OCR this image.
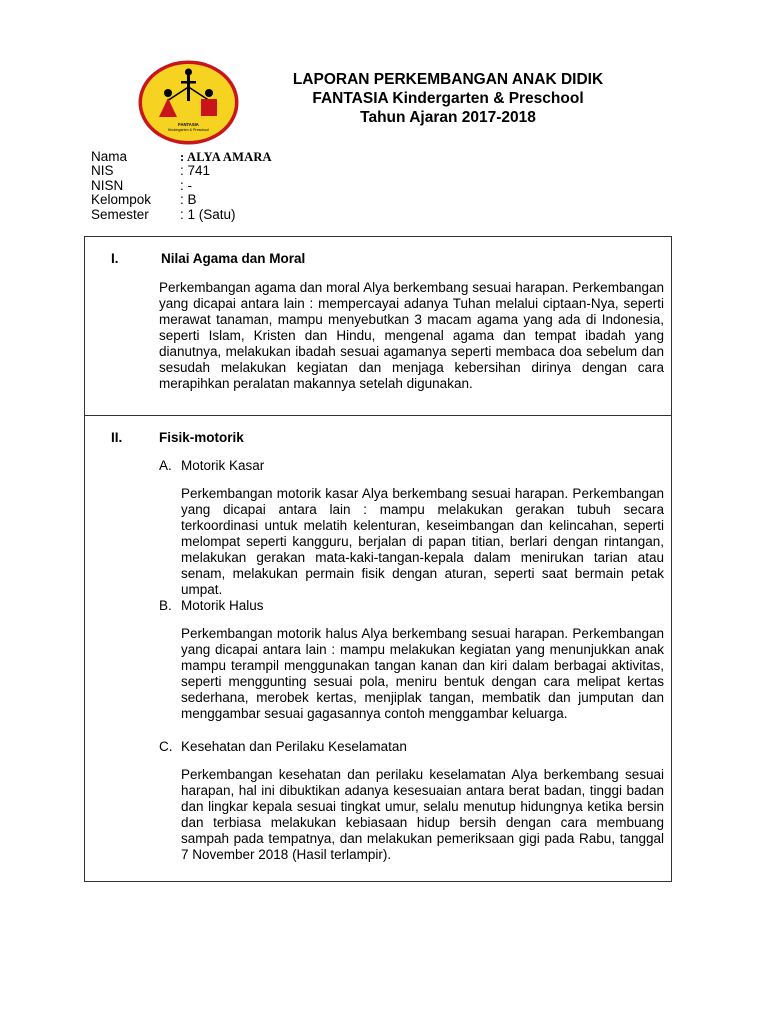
FANTASIA
Kindergarten & Preschool
LAPORAN PERKEMBANGAN ANAK DIDIK
FANTASIA Kindergarten & Preschool
Tahun Ajaran 2017-2018
Nama	: ALYA AMARA
NIS	: 741
NISN	: -
Kelompok	: B
Semester	: 1 (Satu)
I.	Nilai Agama dan Moral

Perkembangan agama dan moral Alya berkembang sesuai harapan. Perkembangan yang dicapai antara lain : mempercayai adanya Tuhan melalui ciptaan-Nya, seperti merawat tanaman, mampu menyebutkan 3 macam agama yang ada di Indonesia, seperti Islam, Kristen dan Hindu, mengenal agama dan tempat ibadah yang dianutnya, melakukan ibadah sesuai agamanya seperti membaca doa sebelum dan sesudah melakukan kegiatan dan menjaga kebersihan dirinya dengan cara merapihkan peralatan makannya setelah digunakan.

II.	Fisik-motorik
A. Motorik Kasar

Perkembangan motorik kasar Alya berkembang sesuai harapan. Perkembangan yang dicapai antara lain : mampu melakukan gerakan tubuh secara terkoordinasi untuk melatih kelenturan, keseimbangan dan kelincahan, seperti melompat seperti kangguru, berjalan di papan titian, berlari dengan rintangan, melakukan gerakan mata-kaki-tangan-kepala dalam menirukan tarian atau senam, melakukan permain fisik dengan aturan, seperti saat bermain petak umpat.

B. Motorik Halus

Perkembangan motorik halus Alya berkembang sesuai harapan. Perkembangan yang dicapai antara lain : mampu melakukan kegiatan yang menunjukkan anak mampu terampil menggunakan tangan kanan dan kiri dalam berbagai aktivitas, seperti menggunting sesuai pola, meniru bentuk dengan cara melipat kertas sederhana, merobek kertas, menjiplak tangan, membatik dan jumputan dan menggambar sesuai gagasannya contoh menggambar keluarga.

C. Kesehatan dan Perilaku Keselamatan

Perkembangan kesehatan dan perilaku keselamatan Alya berkembang sesuai harapan, hal ini dibuktikan adanya kesesuaian antara berat badan, tinggi badan dan lingkar kepala sesuai tingkat umur, selalu menutup hidungnya ketika bersin dan terbiasa melakukan kebiasaan hidup bersih dengan cara membuang sampah pada tempatnya, dan melakukan pemeriksaan gigi pada Rabu, tanggal 7 November 2018 (Hasil terlampir).
